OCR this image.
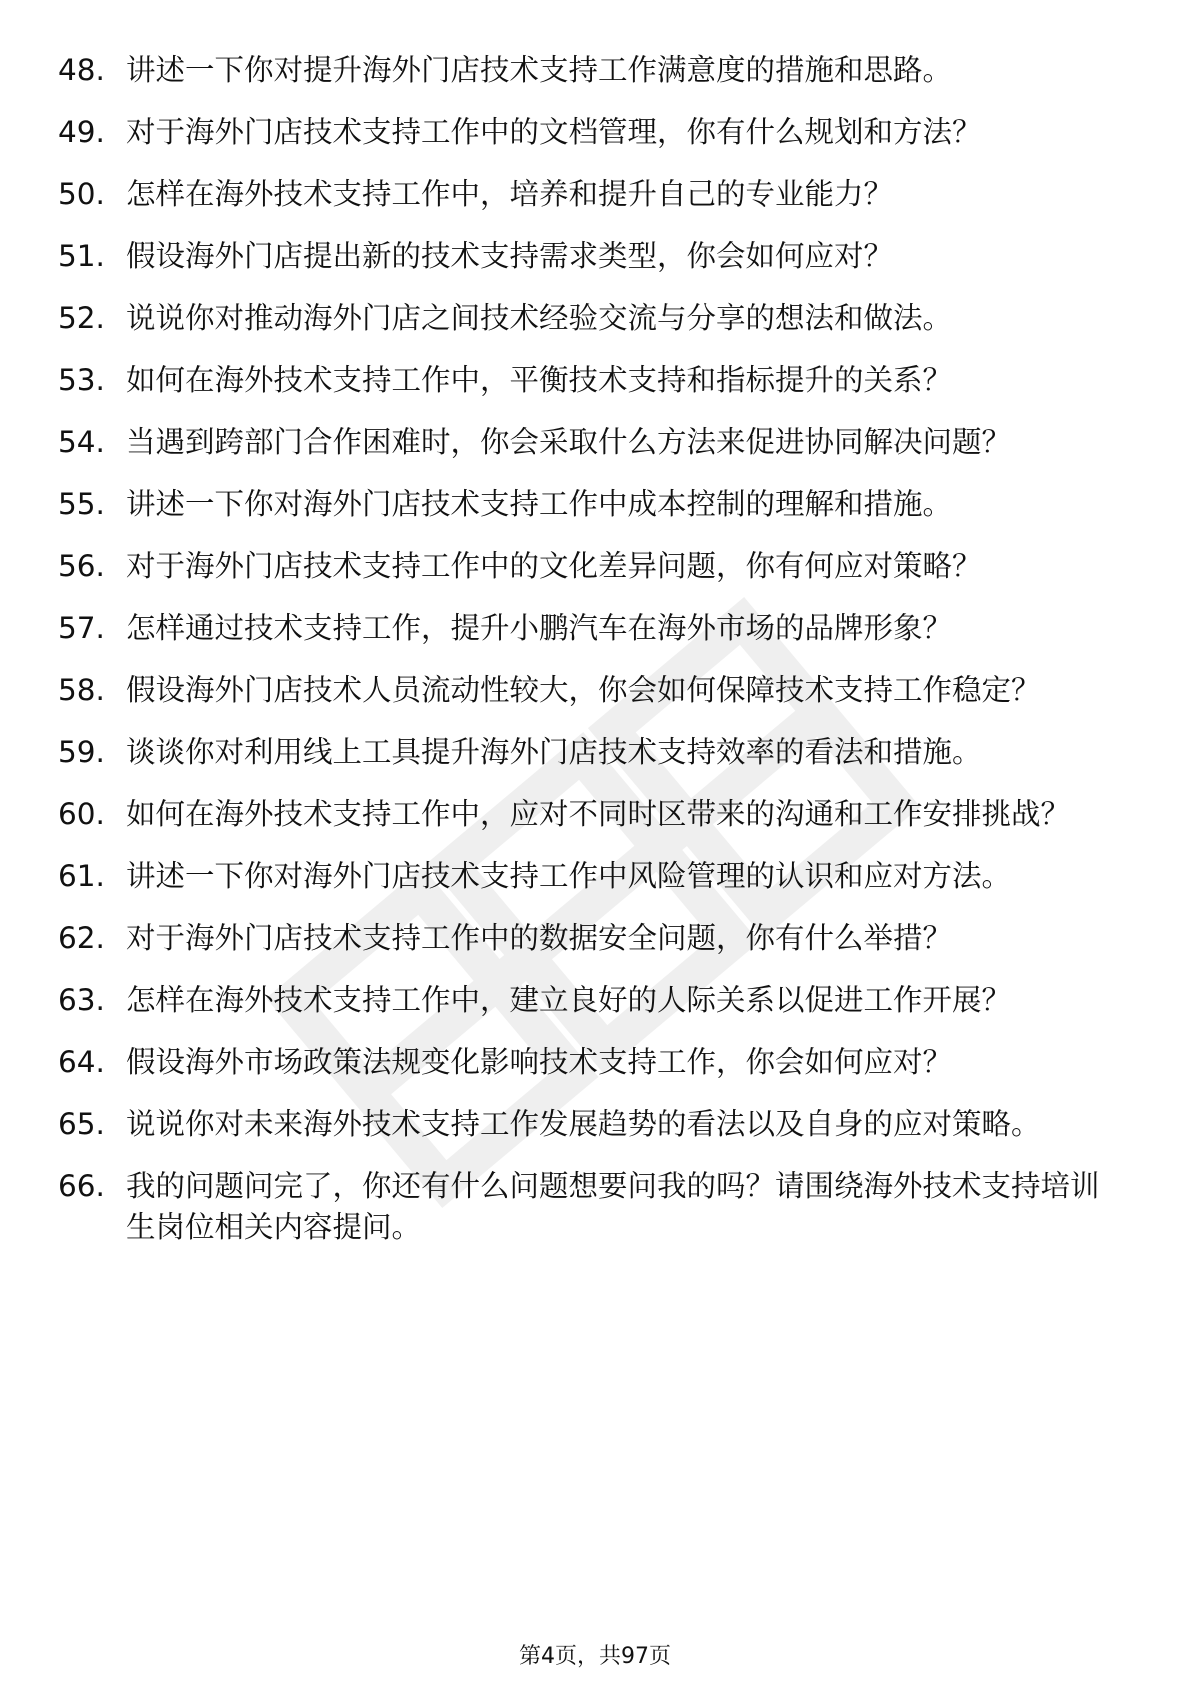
48. 讲述一下你对提升海外门店技术支持工作满意度的措施和思路。
49. 对于海外门店技术支持工作中的文档管理，你有什么规划和方法？
50. 怎样在海外技术支持工作中，培养和提升自己的专业能力？
51. 假设海外门店提出新的技术支持需求类型，你会如何应对？
52. 说说你对推动海外门店之间技术经验交流与分享的想法和做法。
53. 如何在海外技术支持工作中，平衡技术支持和指标提升的关系？
54. 当遇到跨部门合作困难时，你会采取什么方法来促进协同解决问题？
55. 讲述一下你对海外门店技术支持工作中成本控制的理解和措施。
56. 对于海外门店技术支持工作中的文化差异问题，你有何应对策略？
57. 怎样通过技术支持工作，提升小鹏汽车在海外市场的品牌形象？
58. 假设海外门店技术人员流动性较大，你会如何保障技术支持工作稳定？
59. 谈谈你对利用线上工具提升海外门店技术支持效率的看法和措施。
60. 如何在海外技术支持工作中，应对不同时区带来的沟通和工作安排挑战？
61. 讲述一下你对海外门店技术支持工作中风险管理的认识和应对方法。
62. 对于海外门店技术支持工作中的数据安全问题，你有什么举措？
63. 怎样在海外技术支持工作中，建立良好的人际关系以促进工作开展？
64. 假设海外市场政策法规变化影响技术支持工作，你会如何应对？
65. 说说你对未来海外技术支持工作发展趋势的看法以及自身的应对策略。
66. 我的问题问完了，你还有什么问题想要问我的吗？请围绕海外技术支持培训生岗位相关内容提问。
第4页，共97页
